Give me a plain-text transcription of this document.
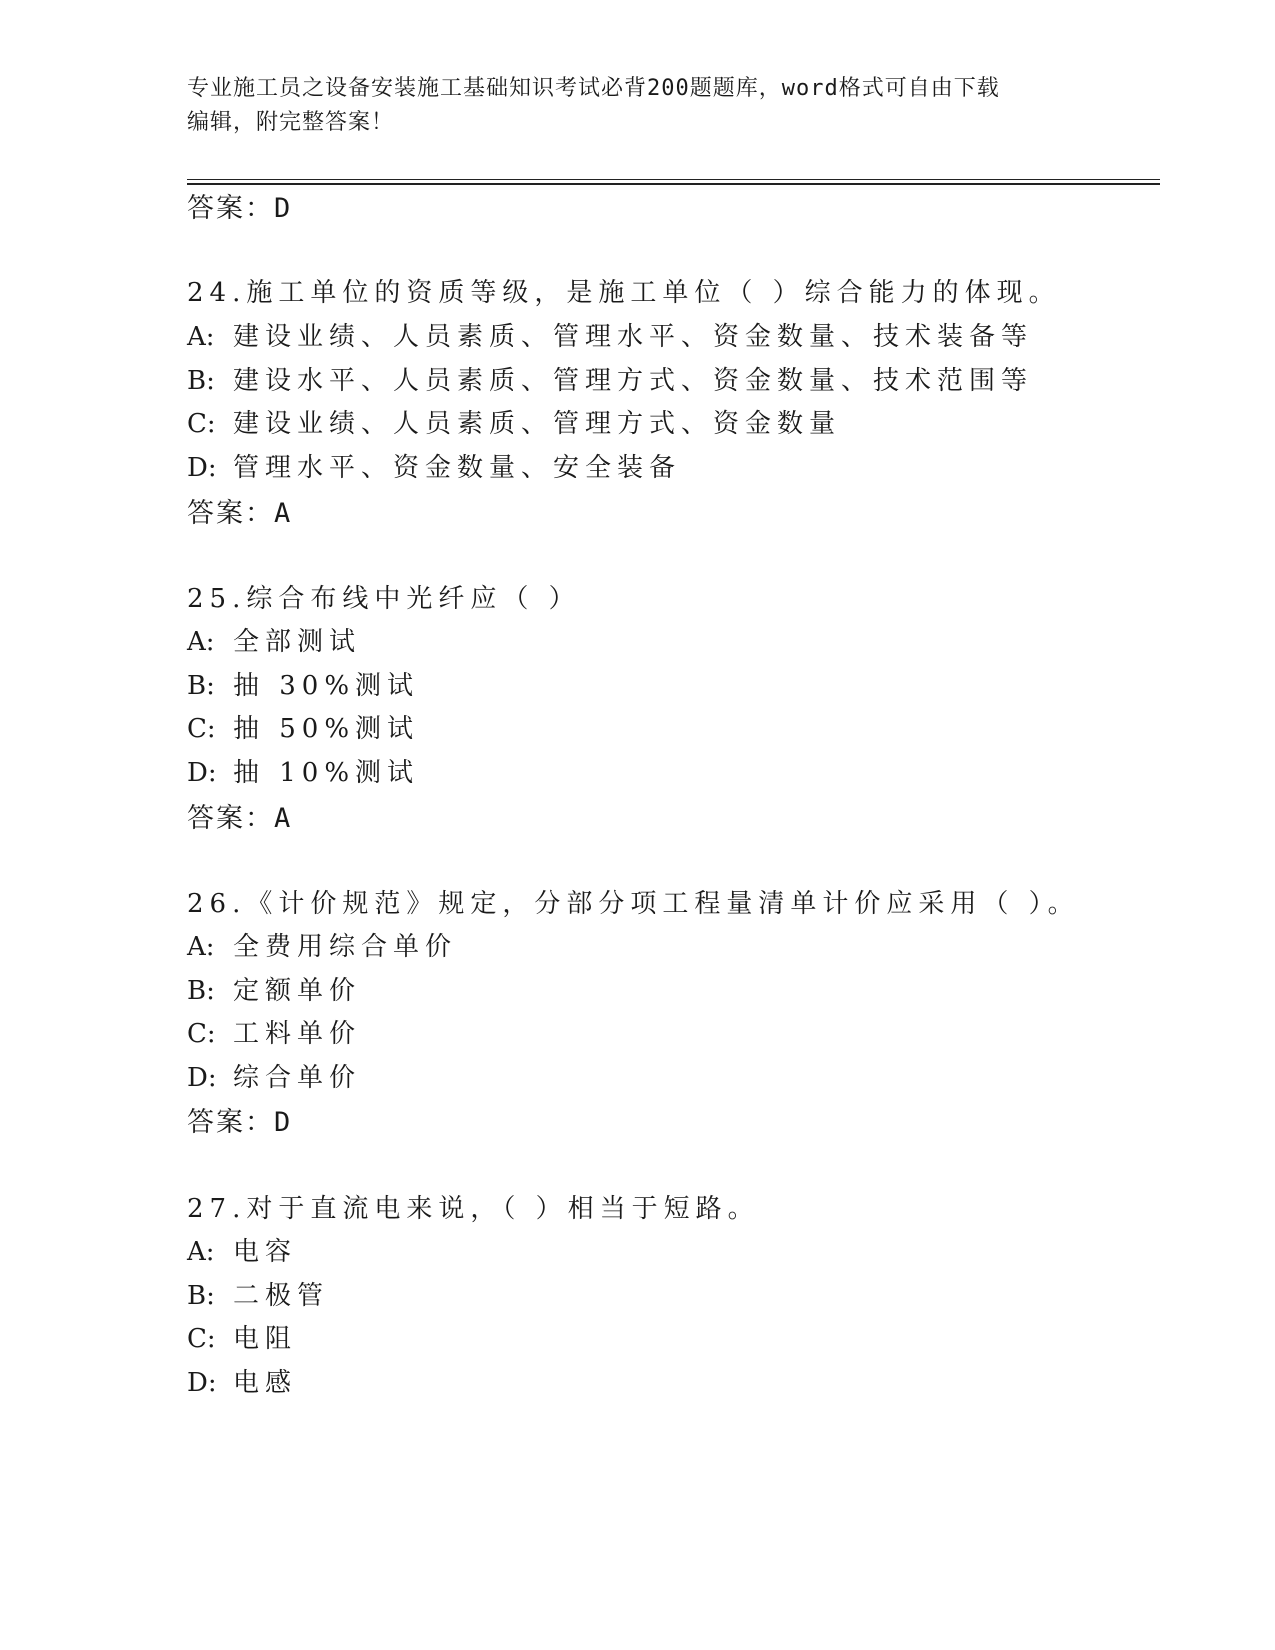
专业施工员之设备安装施工基础知识考试必背200题题库，word格式可自由下载
编辑，附完整答案！
答案：D
24.施工单位的资质等级，是施工单位（ ）综合能力的体现。
A: 建设业绩、人员素质、管理水平、资金数量、技术装备等
B: 建设水平、人员素质、管理方式、资金数量、技术范围等
C: 建设业绩、人员素质、管理方式、资金数量
D: 管理水平、资金数量、安全装备
答案：A
25.综合布线中光纤应（ ）
A: 全部测试
B: 抽 30%测试
C: 抽 50%测试
D: 抽 10%测试
答案：A
26.《计价规范》规定，分部分项工程量清单计价应采用（ ）。
A: 全费用综合单价
B: 定额单价
C: 工料单价
D: 综合单价
答案：D
27.对于直流电来说，（ ）相当于短路。
A: 电容
B: 二极管
C: 电阻
D: 电感
